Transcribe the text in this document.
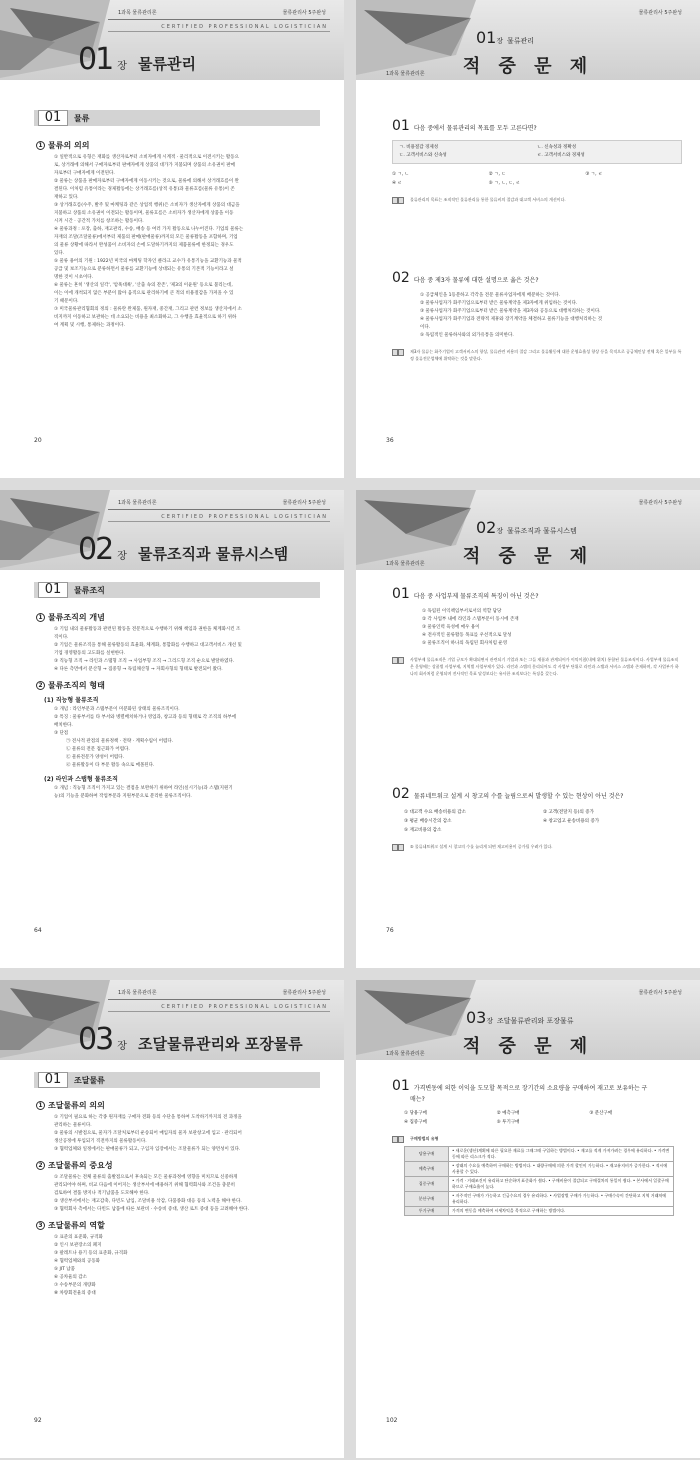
1과목 물류관리론	물류관리사 5주완성
CERTIFIED PROFESSIONAL LOGISTICIAN
01 장 물류관리
01	물류
1 물류의 의의
① 일반적으로 유형은 재화를 생산자로부터 소비자에게 시계적 · 물리적으로 이전시키는 활동으
로, 상거래에 의해서 구매자로부터 판매자에게 상품의 대가가 지불되며 상품의 소유권이 판매
자로부터 구매자에게 이전된다.
② 물류는 상품을 판매자로부터 구매자에게 이동시키는 것으로, 물류에 의해서 상거래흐름이 완
결된다. 이처럼 유통이라는 경제활동에는 상거래흐름(상적 유통)과 물류흐름(물류 유통)이 존
재하고 있다.
③ 상거래흐름(수주, 발주 및 마케팅과 같은 상업적 행위)은 소비자가 생산자에게 상품의 대금을
지불하고 상품의 소유권이 이전되는 활동이며, 물류흐름은 소비자가 생산자에게 상품을 이동
시켜 시간 · 공간적 가치를 창조하는 활동이다.
④ 물류과정 : 포장, 출하, 재고관리, 수송, 배송 등 여러 가지 활동으로 나누어진다. 기업의 물류는
자재의 조달(조달물류)에서부터 제품의 판매(판매물류)까지의 모든 물류활동을 포함하며, 기업
의 물류 상황에 따라서 완성품이 소비자의 손에 도달하기까지의 제품물류에 한정되는 경우도
있다.
⑤ 물류 용어의 기원 : 1922년 미국의 마케팅 학자인 클라크 교수가 유통기능을 교환기능과 물적
공급 및 보조기능으로 분류하면서 물류를 교환기능에 상대되는 유통의 기본적 기능이라고 설
명한 것이 시초이다.
⑥ 물류는 흔히 '생산의 일각', '암흑대륙', '산출 속의 잔존', '제3의 이윤원' 등으로 불리는데,
이는 이에 개척되지 않은 부분이 많아 움직으로 관리하기에 큰 적의 비용절감을 가져올 수 있
기 때문이다.
⑦ 미국물류관리협회의 정의 : 물류란 완제품, 원자재, 중간재, 그리고 관련 정보를 생산지에서 소
비지까지 이동하고 보관하는 데 소요되는 비용을 최소화하고, 그 수행을 효율적으로 하기 위하
여 계획 및 시행, 통제하는 과정이다.
20
물류관리사 5주완성
01장 물류관리
적 중 문 제
1과목 물류관리론
01 다음 중에서 물류관리의 목표를 모두 고른다면?
ㄱ. 비용절감 경제성	ㄴ. 신속성과 정확성
ㄷ. 고객서비스와 신속성	ㄹ. 고객서비스와 경제성
① ㄱ, ㄴ	② ㄱ, ㄷ	③ ㄱ, ㄹ
④ ㄹ	⑤ ㄱ, ㄴ, ㄷ, ㄹ
물류관리의 목표는 조직적인 물류관리를 통한 물류비의 절감과 대고객 서비스의 개선이다.
02 다음 중 제3자 물류에 대한 설명으로 옳은 것은?
① 공급체인을 1등분하고 각각을 전문 물류사업자에게 배분하는 것이다.
② 물류사업자가 화주기업으로부터 받은 물류계약을 제3자에게 위임하는 것이다.
③ 물류사업자가 화주기업으로부터 받은 물류계약을 제3자와 공동으로 대행처리하는 것이다.
④ 물류사업자가 화주기업과 전략적 제휴와 장기계약을 체결하고 물류기능을 대행처리하는 것
이다.
⑤ 독립적인 물류하사와의 외가유통을 의미한다.
제3자 물류는 화주기업이 고객서비스의 향상, 물류관련 비용의 절감 그리고 물류활동에 대한 운영효율성 향상 등을 목적으로 공급체인상 전체 혹은 일부를 특정 물류전문업체에 위탁하는 것을 말한다.
36
1과목 물류관리론	물류관리사 5주완성
CERTIFIED PROFESSIONAL LOGISTICIAN
02 장 물류조직과 물류시스템
01	물류조직
1 물류조직의 개념
① 기업 내의 물류활동과 관련된 활동을 전문적으로 수행하기 위해 책임과 권한을 체계화시킨 조
직이다.
② 기업은 물류조직을 통해 물류활동의 효율화, 체계화, 통합화를 수행하고 대고객서비스 개선 및
기업 경영활동의 고도화를 실현한다.
③ 직능형 조직 → 라인과 스탭형 조직 → 사업부형 조직 → 그리드형 조직 순으로 발달하였다.
④ 다른 측면에서 분산형 → 집중형 → 독립채산형 → 자회사형의 형태로 발전되어 왔다.
2 물류조직의 형태
(1) 직능형 물류조직
① 개념 : 라인부문과 스탭부문이 미분화된 상태의 물류조직이다.
② 특징 : 물류부서를 타 부서와 병렬배치하거나 영업과, 창고과 등의 형태로 각 조직의 하부에
배치한다.
③ 단점
㉠ 전사적 관점의 물류정책 · 전략 · 계획수립이 어렵다.
㉡ 물류의 전문 접근화가 어렵다.
㉢ 물류전문가 양성이 어렵다.
㉣ 물류활동이 타 부문 활동 속으로 매몰된다.
(2) 라인과 스탭형 물류조직
① 개념 : 직능형 조직이 가지고 있는 결점을 보완하기 위하여 라인(실시기능)과 스탭(지원기
능)의 기능을 분화하여 작업부문과 지원부문으로 분리한 물류조직이다.
64
물류관리사 5주완성
02장 물류조직과 물류시스템
적 중 문 제
1과목 물류관리론
01 다음 중 사업부제 물류조직의 특징이 아닌 것은?
① 독립된 이익책임부서로서의 역할 담당
② 각 사업부 내에 라인과 스탭부문이 동시에 존재
③ 물류인력 육성에 매우 용이
④ 전사적인 물류활동 목표를 우선적으로 달성
⑤ 물류조직이 하나의 독립된 회사처럼 운영
사업부제 물류조직은 기업 규모가 확대되면서 관련되기 기업과 또는 그들 제품과 관계되어가 이익이침(내에 위치) 통합된 물류조직이다. 사업부제 물류조직은 운영에는 상품별 사업부제, 지역별 사업부제가 있다. 라인과 스탭의 분리되어도 각 사업부 단위로 라인과 스탭과 서비스 스탭과 존재하며, 각 사업부가 하나의 회사처럼 운영되며 전사적인 목표 달성보다는 유사한 조직보다는 특징을 갖는다.
02 물류네트워크 설계 시 창고의 수를 늘림으로써 발생할 수 있는 현상이 아닌 것은?
① 대고객 수요 배송비용의 감소	② 고객(전달지 등)의 증가
③ 평균 배송시간의 감소	④ 창고업고 운송비용의 증가
⑤ 재고비용의 감소
⑤ 물류네트워크 설계 시 창고의 수를 늘리게 되면 재고비용이 증가될 우려가 있다.
76
1과목 물류관리론	물류관리사 5주완성
CERTIFIED PROFESSIONAL LOGISTICIAN
03 장 조달물류관리와 포장물류
01	조달물류
1 조달물류의 의의
① 기업이 필요로 하는 각종 원자재를 구매자 전화 등의 수단을 통하여 도착하기까지의 전 과정을
관리하는 물류이다.
② 물류의 시발점으로, 물자가 조달처로부터 운송되어 매입자의 물자 보관창고에 입고 · 관리되어
생산공정에 투입되기 직전까지의 물류활동이다.
③ 협력업체와 일정에서는 판매물류가 되고, 구입자 입장에서는 조달물류가 되는 양면성이 있다.
2 조달물류의 중요성
① 조달물류는 전체 물류의 출발점으로서 후속되는 모든 물류과정에 영향을 미치므로 신중하게
관리되어야 하며, 비교 다음에 이어지는 생산부서에 애용하기 위해 협력회사와 조건을 충분히
검토하여 결품 방지나 적기납품을 도모해야 한다.
② 생산부서에서는 재고감축, 다빈도 납입, 조달비용 삭감, 다품종화 대응 등의 노력을 해야 한다.
③ 협력회사 측에서는 다빈도 납품에 따른 보관비 · 수송비 증대, 생산 로트 증대 등을 고려해야 한다.
3 조달물류의 역할
① 표준의 표준화, 규격화
② 인시 보관장소의 폐지
③ 팔레트나 용기 등의 표준화, 규격화
④ 협력업체와의 공동화
⑤ JIT 납품
⑥ 공차율의 감소
⑦ 수송부문의 개량화
⑧ 차량회전율의 증대
92
물류관리사 5주완성
03장 조달물류관리와 포장물류
적 중 문 제
1과목 물류관리론
01 가격변동에 의한 이익을 도모할 목적으로 장기간의 소요량을 구매하여 재고로 보유하는 구
매는?
① 당용구매	② 예측구매	③ 분산구매
④ 집중구매	⑤ 투기구매
구매방법의 유형
당용구매	• 새로운(생산)계획에 따른 필요한 재료를 그때그때 구입하는 방법이다. • 재고를 적게 가져가려는 경우에 유리하다. • 가격변동에 따른 리스크가 적다.
예측구매	• 장래의 수요를 예측하여 구매하는 방법이다. • 대량구매에 의한 가격 할인이 가능하다. • 재고유지비가 증가한다. • 적시에 사용할 수 있다.
집중구매	• 가격 · 거래조건이 유리하고 단순하며 표준화가 쉽다. • 구매비용이 절감되고 구매절차의 통일이 쉽다. • 본사에서 일괄구매하므로 구매효율이 높다.
분산구매	• 자주적인 구매가 가능하고 긴급수요의 경우 유리하다. • 사업장별 구매가 가능하다. • 구매수속이 간단하고 지역 거래처에 유리하다.
투기구매	가격의 변동을 예측하여 시세차익을 목적으로 구매하는 방법이다.
102
